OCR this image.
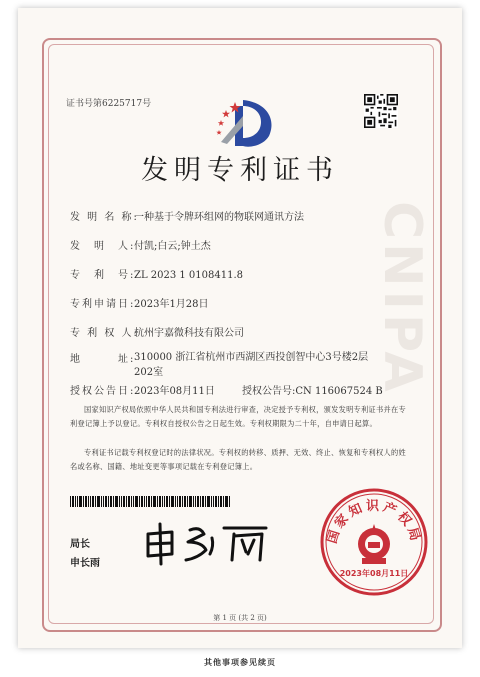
CNIPA
证书号第6225717号
发明专利证书
发 明 名 称:一种基于令牌环组网的物联网通讯方法
发　明　人:付凯;白云;钟土杰
专　利　号:ZL 2023 1 0108411.8
专利申请日:2023年1月28日
专 利 权 人:杭州宇嘉微科技有限公司
地　　　址:310000 浙江省杭州市西湖区西投创智中心3号楼2层202室
授权公告日:2023年08月11日	授权公告号:CN 116067524 B
国家知识产权局依照中华人民共和国专利法进行审查，决定授予专利权，颁发发明专利证书并在专利登记簿上予以登记。专利权自授权公告之日起生效。专利权期限为二十年，自申请日起算。
专利证书记载专利权登记时的法律状况。专利权的转移、质押、无效、终止、恢复和专利权人的姓名或名称、国籍、地址变更等事项记载在专利登记簿上。
局长
申长雨
国家知识产权局
2023年08月11日
第 1 页 (共 2 页)
其他事项参见续页
